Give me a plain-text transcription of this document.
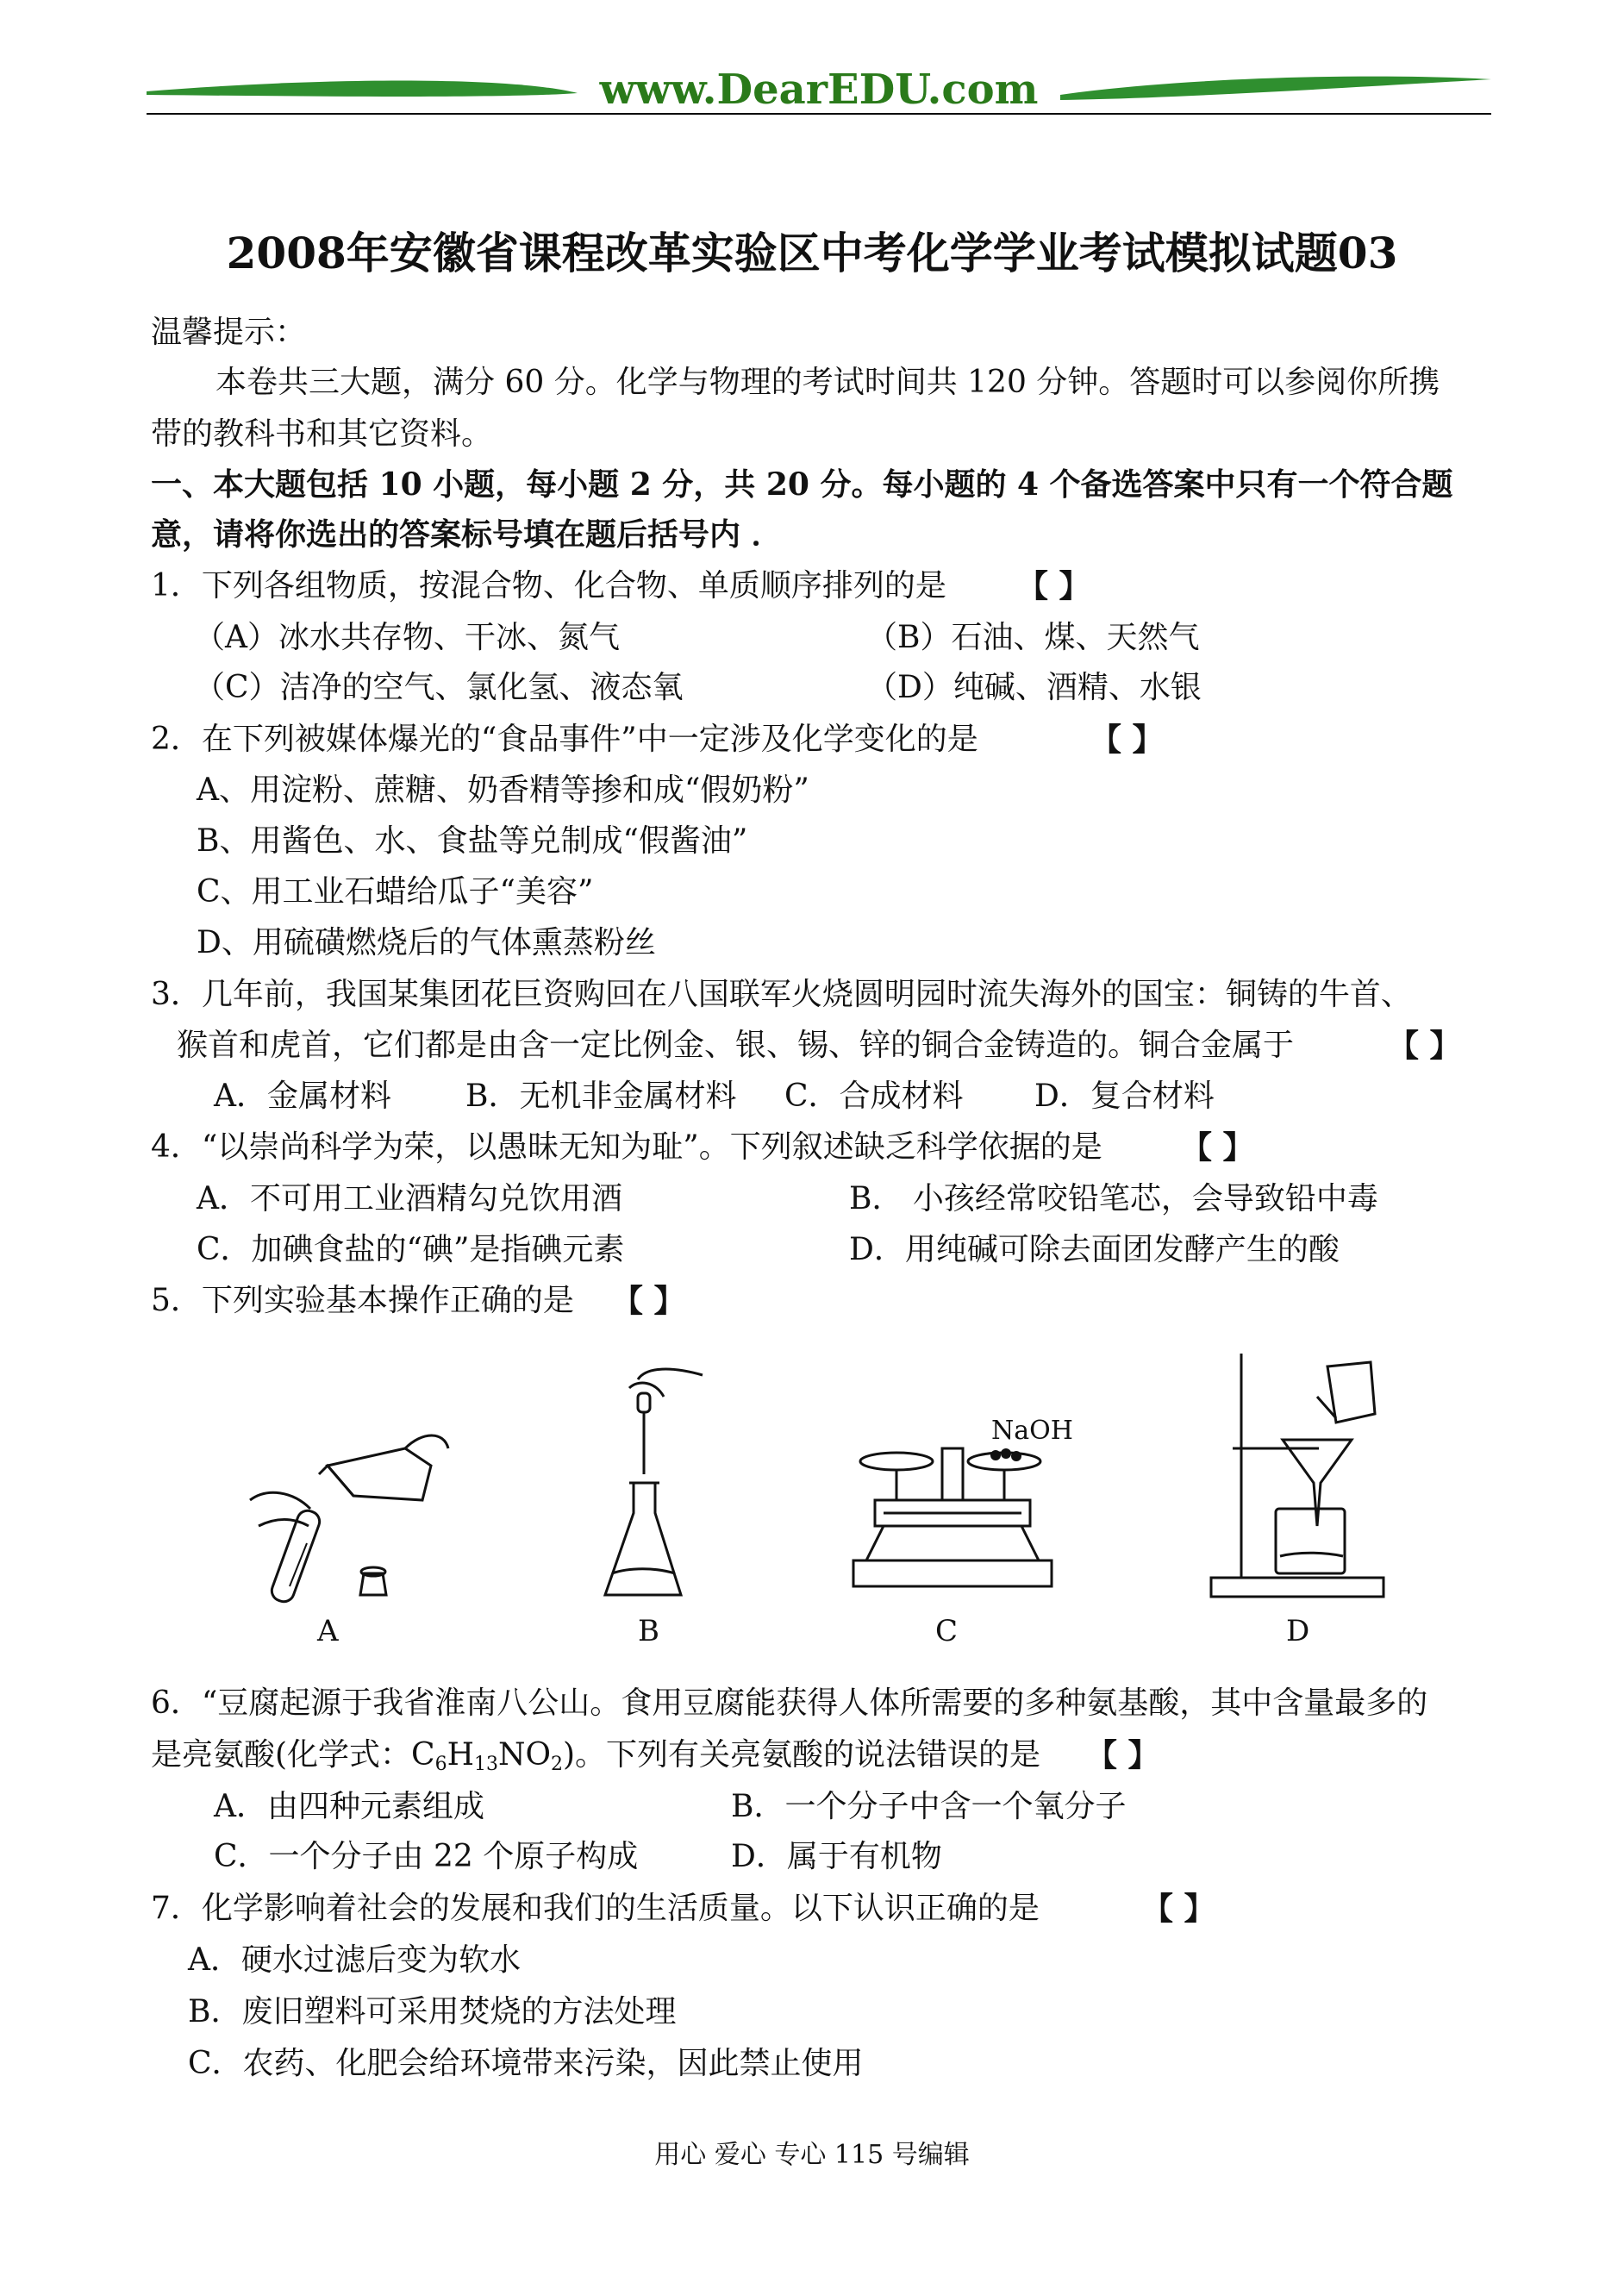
www.DearEDU.com
2008年安徽省课程改革实验区中考化学学业考试模拟试题03
温馨提示：
本卷共三大题，满分 60 分。化学与物理的考试时间共 120 分钟。答题时可以参阅你所携
带的教科书和其它资料。
一、本大题包括 10 小题，每小题 2 分，共 20 分。每小题的 4 个备选答案中只有一个符合题
意，请将你选出的答案标号填在题后括号内 ．
1．下列各组物质，按混合物、化合物、单质顺序排列的是 【 】
（A）冰水共存物、干冰、氮气	（B）石油、煤、天然气
（C）洁净的空气、氯化氢、液态氧	（D）纯碱、酒精、水银
2．在下列被媒体爆光的“食品事件”中一定涉及化学变化的是	【 】
A、用淀粉、蔗糖、奶香精等掺和成“假奶粉”
B、用酱色、水、食盐等兑制成“假酱油”
C、用工业石蜡给瓜子“美容”
D、用硫磺燃烧后的气体熏蒸粉丝
3．几年前，我国某集团花巨资购回在八国联军火烧圆明园时流失海外的国宝：铜铸的牛首、
猴首和虎首，它们都是由含一定比例金、银、锡、锌的铜合金铸造的。铜合金属于	【 】
A．金属材料 B．无机非金属材料 C．合成材料 D．复合材料
4．“以崇尚科学为荣，以愚昧无知为耻”。下列叙述缺乏科学依据的是	【 】
A．不可用工业酒精勾兑饮用酒	B． 小孩经常咬铅笔芯，会导致铅中毒
C．加碘食盐的“碘”是指碘元素	D．用纯碱可除去面团发酵产生的酸
5．下列实验基本操作正确的是 【 】
A	B
NaOH
C	D
6．“豆腐起源于我省淮南八公山。食用豆腐能获得人体所需要的多种氨基酸，其中含量最多的
是亮氨酸(化学式：$C_6H_{13}NO_2$)。下列有关亮氨酸的说法错误的是 【 】
A．由四种元素组成	B．一个分子中含一个氧分子
C．一个分子由 22 个原子构成	D．属于有机物
7．化学影响着社会的发展和我们的生活质量。以下认识正确的是	【 】
A．硬水过滤后变为软水
B．废旧塑料可采用焚烧的方法处理
C．农药、化肥会给环境带来污染，因此禁止使用
用心 爱心 专心 115 号编辑
